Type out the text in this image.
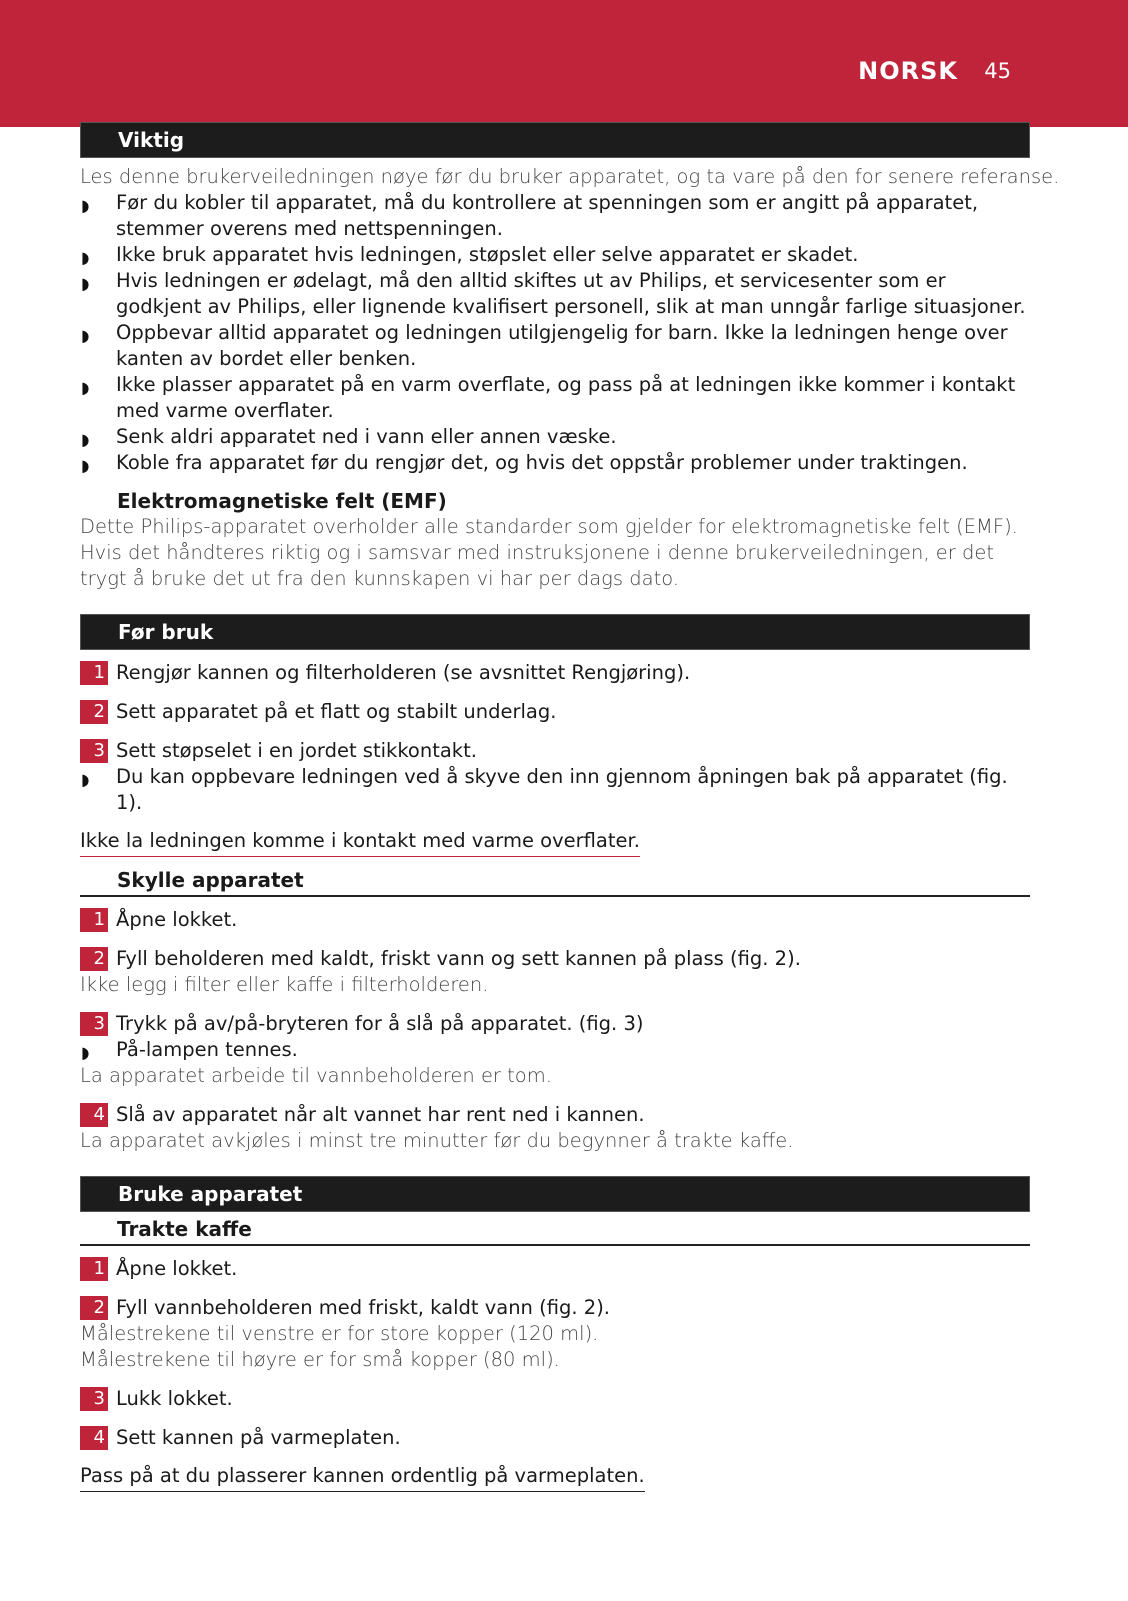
NORSK 45
Viktig
Les denne brukerveiledningen nøye før du bruker apparatet, og ta vare på den for senere referanse.
◗ Før du kobler til apparatet, må du kontrollere at spenningen som er angitt på apparatet, stemmer overens med nettspenningen.
◗ Ikke bruk apparatet hvis ledningen, støpslet eller selve apparatet er skadet.
◗ Hvis ledningen er ødelagt, må den alltid skiftes ut av Philips, et servicesenter som er godkjent av Philips, eller lignende kvalifisert personell, slik at man unngår farlige situasjoner.
◗ Oppbevar alltid apparatet og ledningen utilgjengelig for barn. Ikke la ledningen henge over kanten av bordet eller benken.
◗ Ikke plasser apparatet på en varm overflate, og pass på at ledningen ikke kommer i kontakt med varme overflater.
◗ Senk aldri apparatet ned i vann eller annen væske.
◗ Koble fra apparatet før du rengjør det, og hvis det oppstår problemer under traktingen.
Elektromagnetiske felt (EMF)
Dette Philips-apparatet overholder alle standarder som gjelder for elektromagnetiske felt (EMF). Hvis det håndteres riktig og i samsvar med instruksjonene i denne brukerveiledningen, er det trygt å bruke det ut fra den kunnskapen vi har per dags dato.
Før bruk
1 Rengjør kannen og filterholderen (se avsnittet Rengjøring).
2 Sett apparatet på et flatt og stabilt underlag.
3 Sett støpselet i en jordet stikkontakt.
◗ Du kan oppbevare ledningen ved å skyve den inn gjennom åpningen bak på apparatet (fig. 1).
Ikke la ledningen komme i kontakt med varme overflater.
Skylle apparatet
1 Åpne lokket.
2 Fyll beholderen med kaldt, friskt vann og sett kannen på plass (fig. 2).
Ikke legg i filter eller kaffe i filterholderen.
3 Trykk på av/på-bryteren for å slå på apparatet. (fig. 3)
◗ På-lampen tennes.
La apparatet arbeide til vannbeholderen er tom.
4 Slå av apparatet når alt vannet har rent ned i kannen.
La apparatet avkjøles i minst tre minutter før du begynner å trakte kaffe.
Bruke apparatet
Trakte kaffe
1 Åpne lokket.
2 Fyll vannbeholderen med friskt, kaldt vann (fig. 2).
Målestrekene til venstre er for store kopper (120 ml).
Målestrekene til høyre er for små kopper (80 ml).
3 Lukk lokket.
4 Sett kannen på varmeplaten.
Pass på at du plasserer kannen ordentlig på varmeplaten.
